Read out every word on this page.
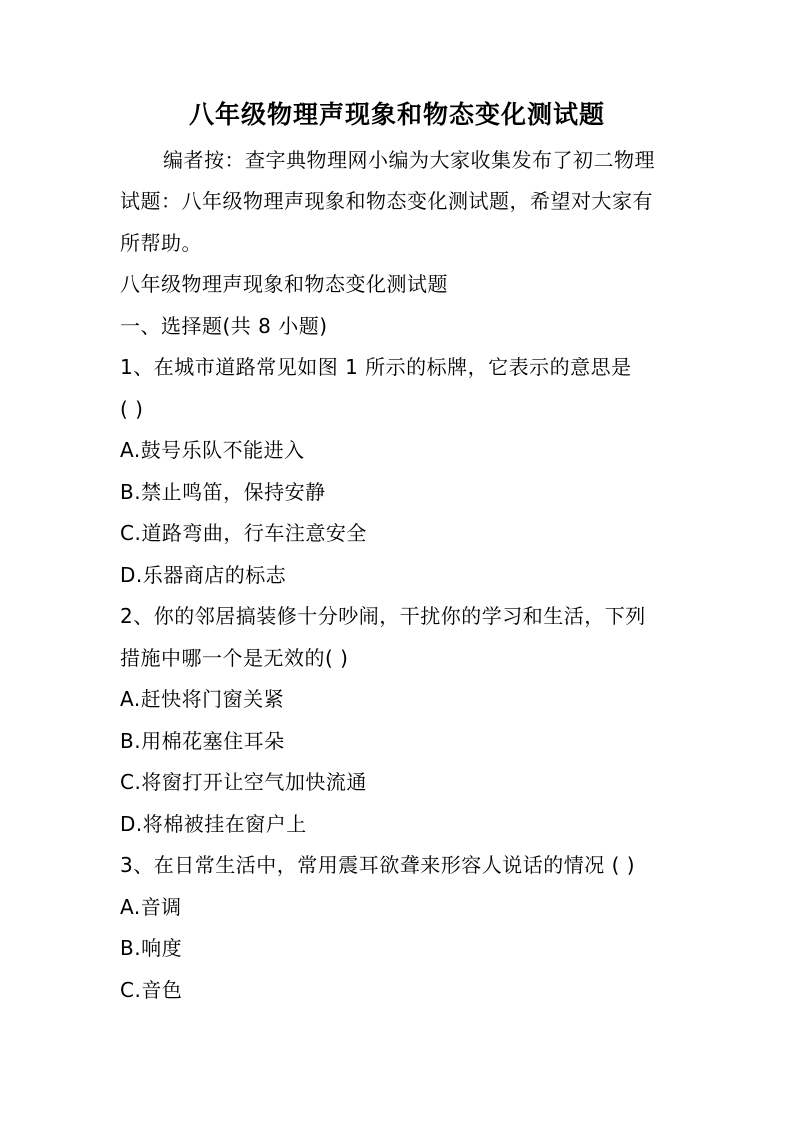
八年级物理声现象和物态变化测试题
编者按：查字典物理网小编为大家收集发布了初二物理
试题：八年级物理声现象和物态变化测试题，希望对大家有
所帮助。
八年级物理声现象和物态变化测试题
一、选择题(共 8 小题)
1、在城市道路常见如图 1 所示的标牌，它表示的意思是
( )
A.鼓号乐队不能进入
B.禁止鸣笛，保持安静
C.道路弯曲，行车注意安全
D.乐器商店的标志
2、你的邻居搞装修十分吵闹，干扰你的学习和生活，下列
措施中哪一个是无效的( )
A.赶快将门窗关紧
B.用棉花塞住耳朵
C.将窗打开让空气加快流通
D.将棉被挂在窗户上
3、在日常生活中，常用震耳欲聋来形容人说话的情况 ( )
A.音调
B.响度
C.音色
